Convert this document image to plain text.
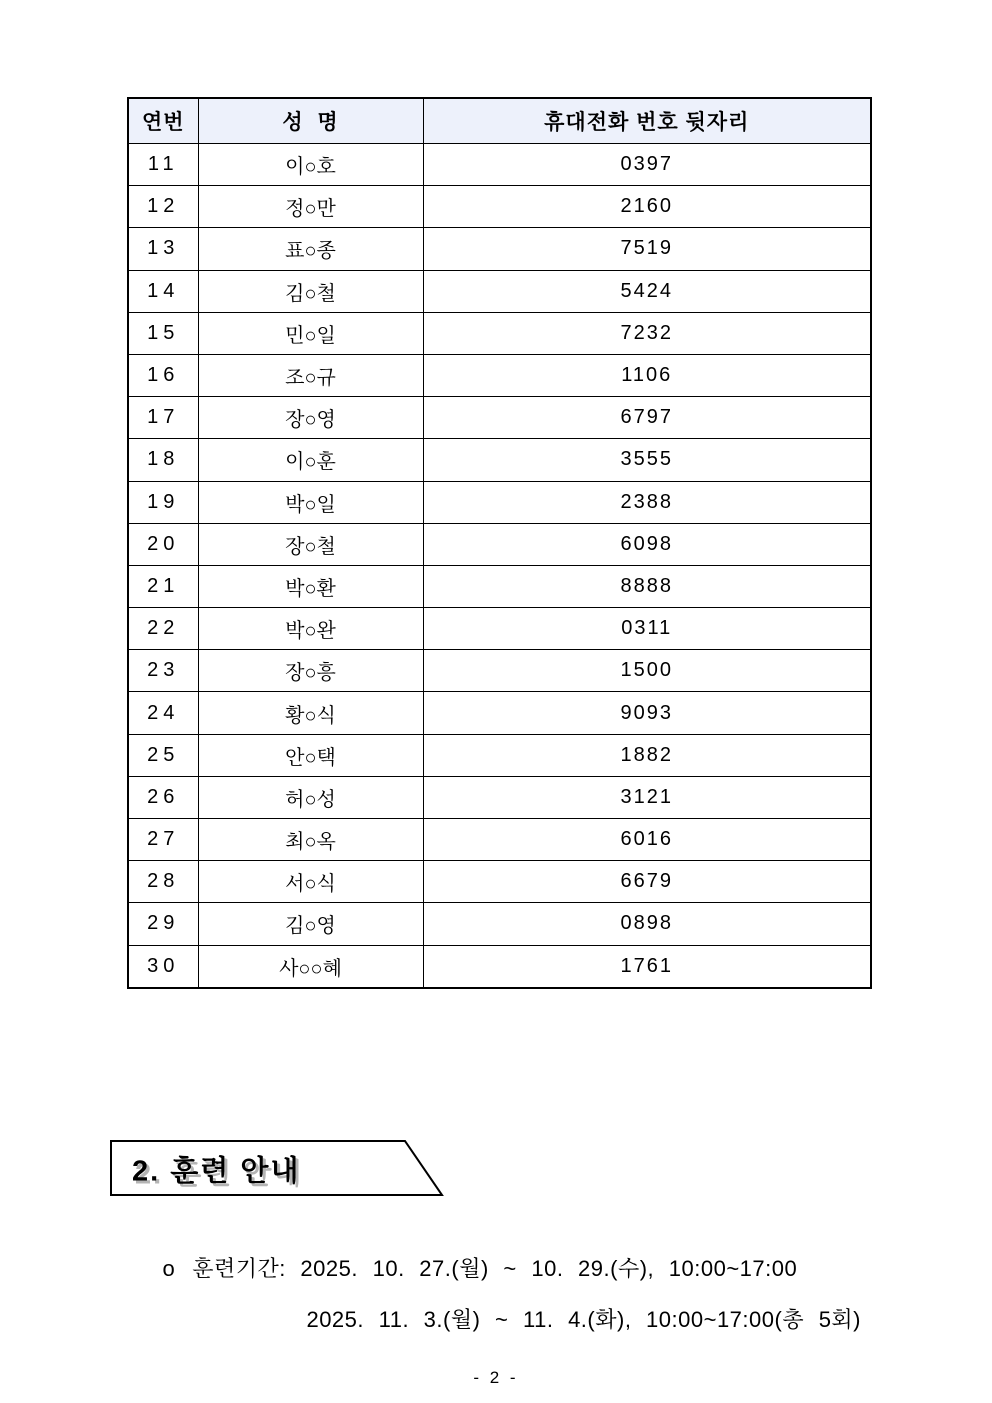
연번	성  명	휴대전화 번호 뒷자리
11	이○호	0397
12	정○만	2160
13	표○종	7519
14	김○철	5424
15	민○일	7232
16	조○규	1106
17	장○영	6797
18	이○훈	3555
19	박○일	2388
20	장○철	6098
21	박○환	8888
22	박○완	0311
23	장○흥	1500
24	황○식	9093
25	안○택	1882
26	허○성	3121
27	최○옥	6016
28	서○식	6679
29	김○영	0898
30	사○○혜	1761
2. 훈련 안내

o 훈련기간: 2025. 10. 27.(월) ~ 10. 29.(수), 10:00~17:00

2025. 11. 3.(월) ~ 11. 4.(화), 10:00~17:00(총 5회)

- 2 -
